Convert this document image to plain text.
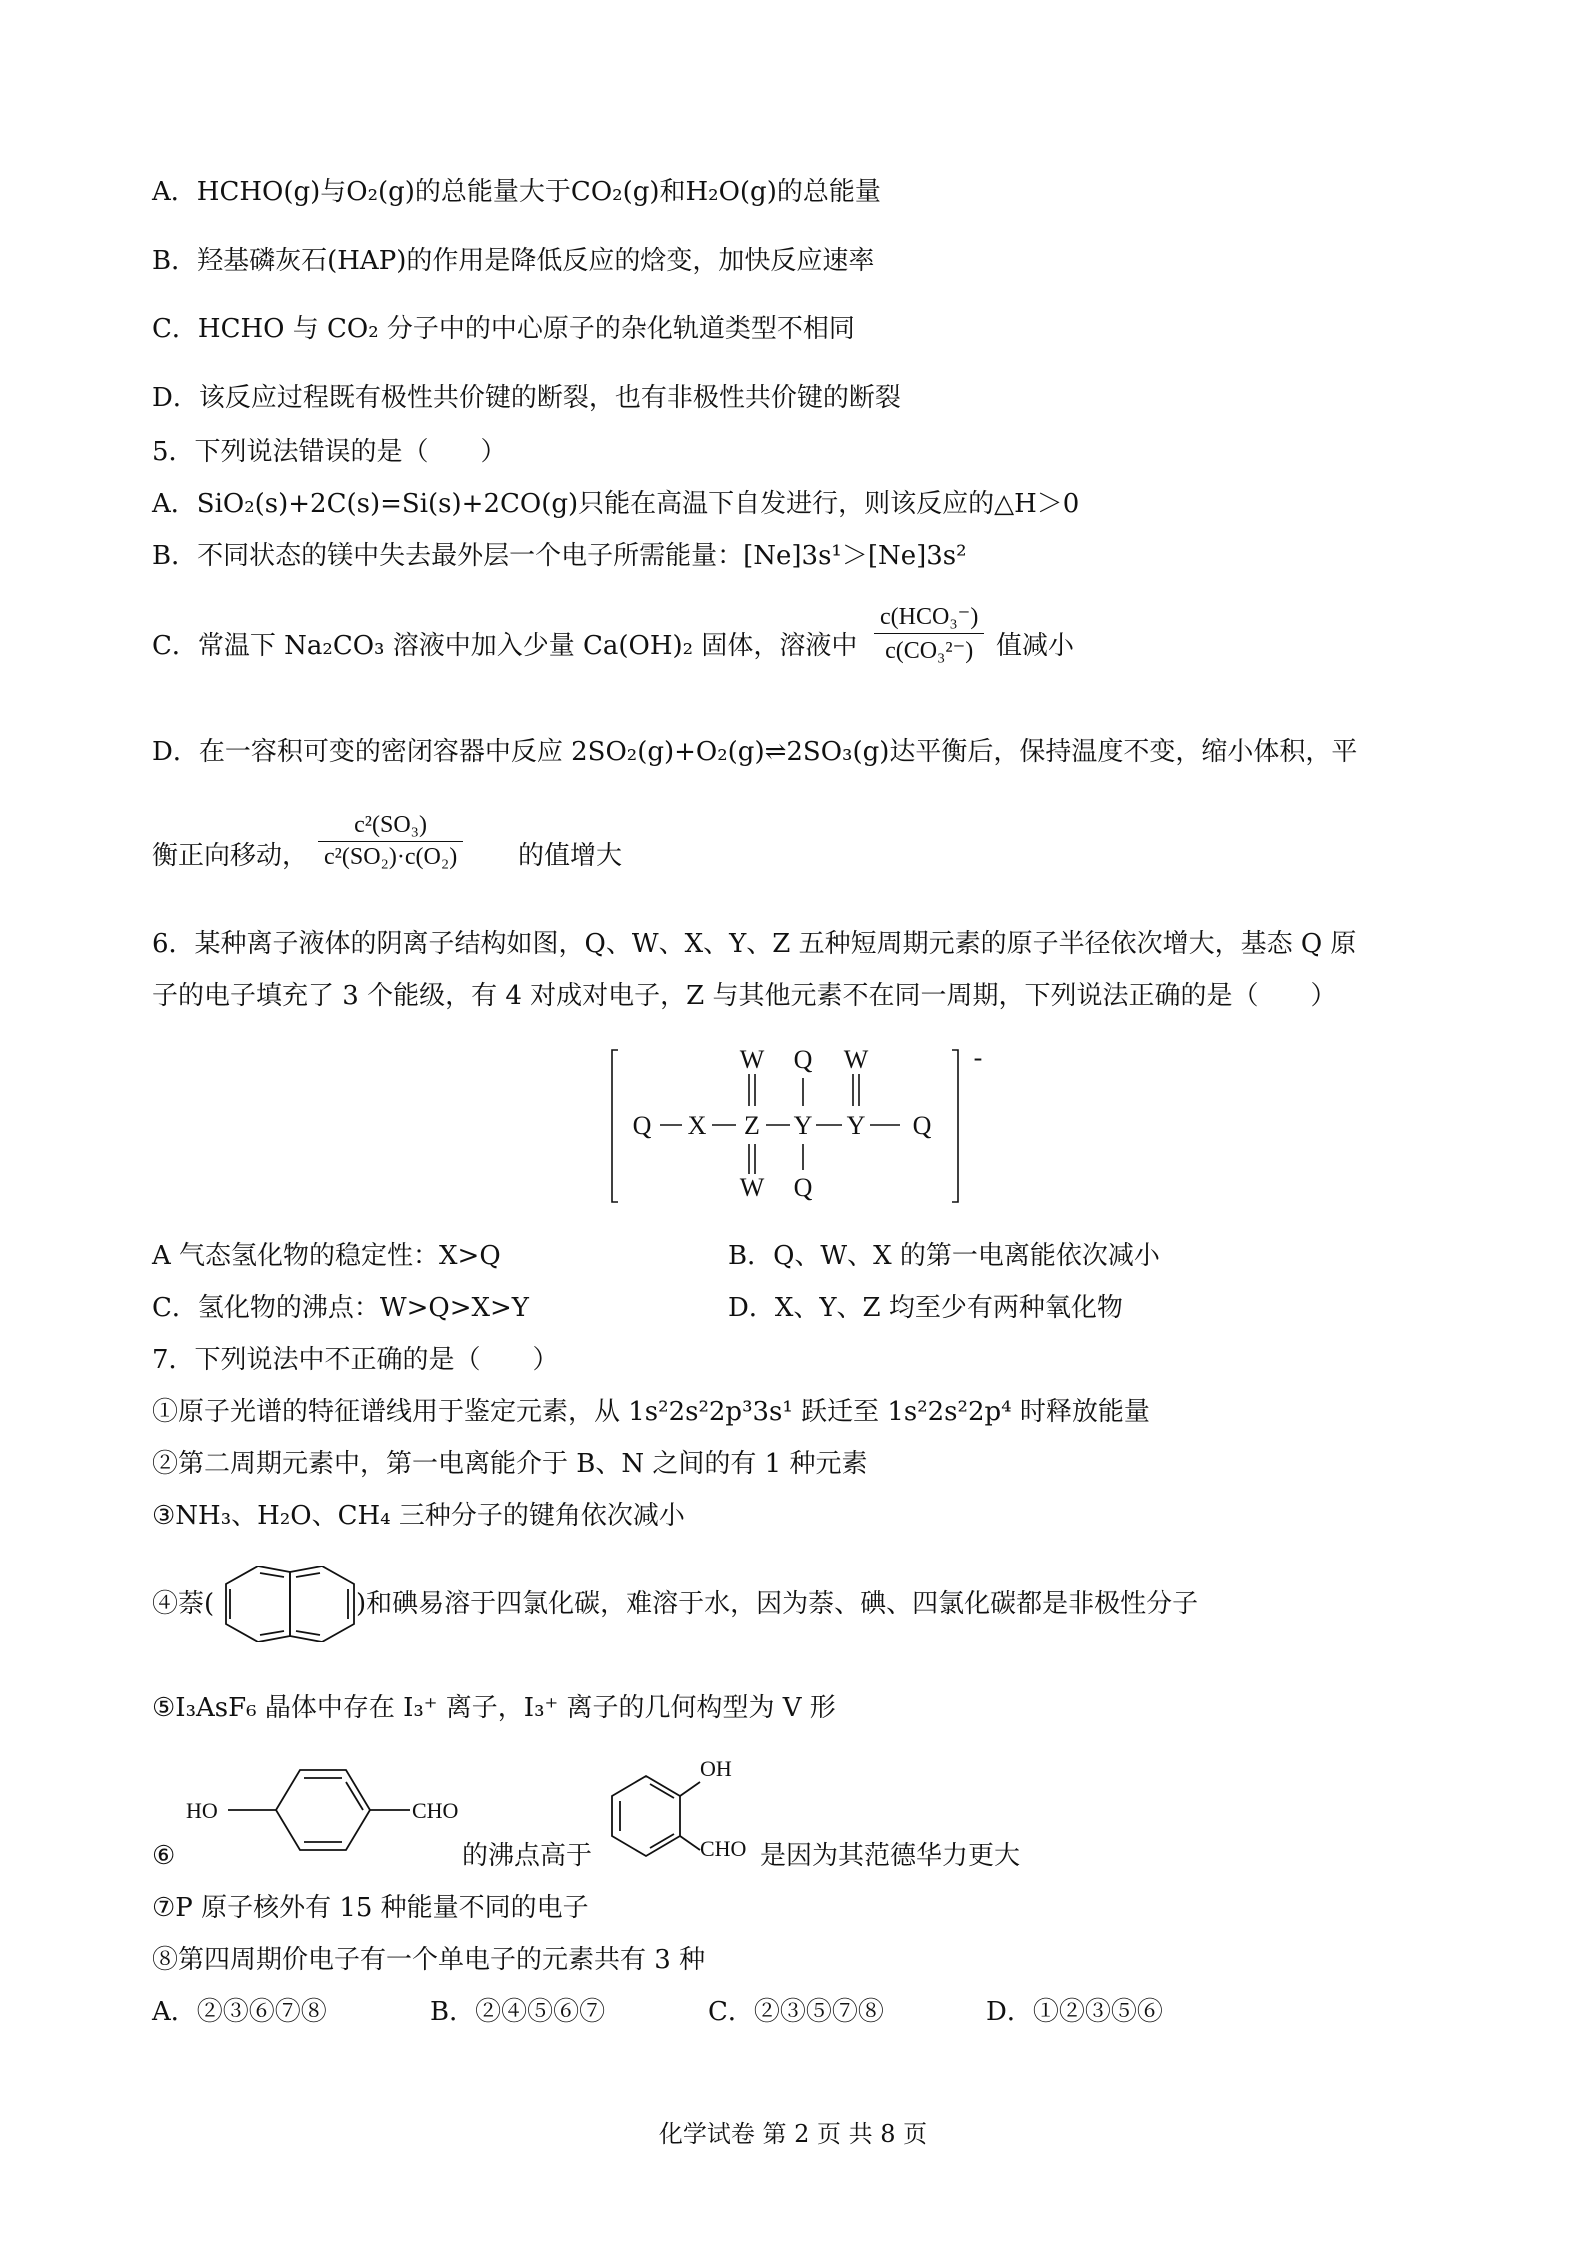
A．HCHO(g)与O₂(g)的总能量大于CO₂(g)和H₂O(g)的总能量
B．羟基磷灰石(HAP)的作用是降低反应的焓变，加快反应速率
C．HCHO 与 CO₂ 分子中的中心原子的杂化轨道类型不相同
D．该反应过程既有极性共价键的断裂，也有非极性共价键的断裂
5．下列说法错误的是（　　）
A．SiO₂(s)+2C(s)=Si(s)+2CO(g)只能在高温下自发进行，则该反应的△H＞0
B．不同状态的镁中失去最外层一个电子所需能量：[Ne]3s¹＞[Ne]3s²
C．常温下 Na₂CO₃ 溶液中加入少量 Ca(OH)₂ 固体，溶液中
c(HCO₃⁻)
c(CO₃²⁻) 值减小
D．在一容积可变的密闭容器中反应 2SO₂(g)+O₂(g)⇌2SO₃(g)达平衡后，保持温度不变，缩小体积，平
衡正向移动，
c²(SO₃)
c²(SO₂)·c(O₂) 的值增大
6．某种离子液体的阴离子结构如图，Q、W、X、Y、Z 五种短周期元素的原子半径依次增大，基态 Q 原
子的电子填充了 3 个能级，有 4 对成对电子，Z 与其他元素不在同一周期，下列说法正确的是（　　）
Q X Z Y Y Q
W Q W
W Q
-
A 气态氢化物的稳定性：X>Q	B．Q、W、X 的第一电离能依次减小
C．氢化物的沸点：W>Q>X>Y	D．X、Y、Z 均至少有两种氧化物
7．下列说法中不正确的是（　　）
①原子光谱的特征谱线用于鉴定元素，从 1s²2s²2p³3s¹ 跃迁至 1s²2s²2p⁴ 时释放能量
②第二周期元素中，第一电离能介于 B、N 之间的有 1 种元素
③NH₃、H₂O、CH₄ 三种分子的键角依次减小
④萘(	)和碘易溶于四氯化碳，难溶于水，因为萘、碘、四氯化碳都是非极性分子
⑤I₃AsF₆ 晶体中存在 I₃⁺ 离子，I₃⁺ 离子的几何构型为 V 形
⑥
HO	CHO
的沸点高于
OH
CHO 是因为其范德华力更大
⑦P 原子核外有 15 种能量不同的电子
⑧第四周期价电子有一个单电子的元素共有 3 种
A．②③⑥⑦⑧	B．②④⑤⑥⑦	C．②③⑤⑦⑧	D．①②③⑤⑥
化学试卷 第 2 页 共 8 页
